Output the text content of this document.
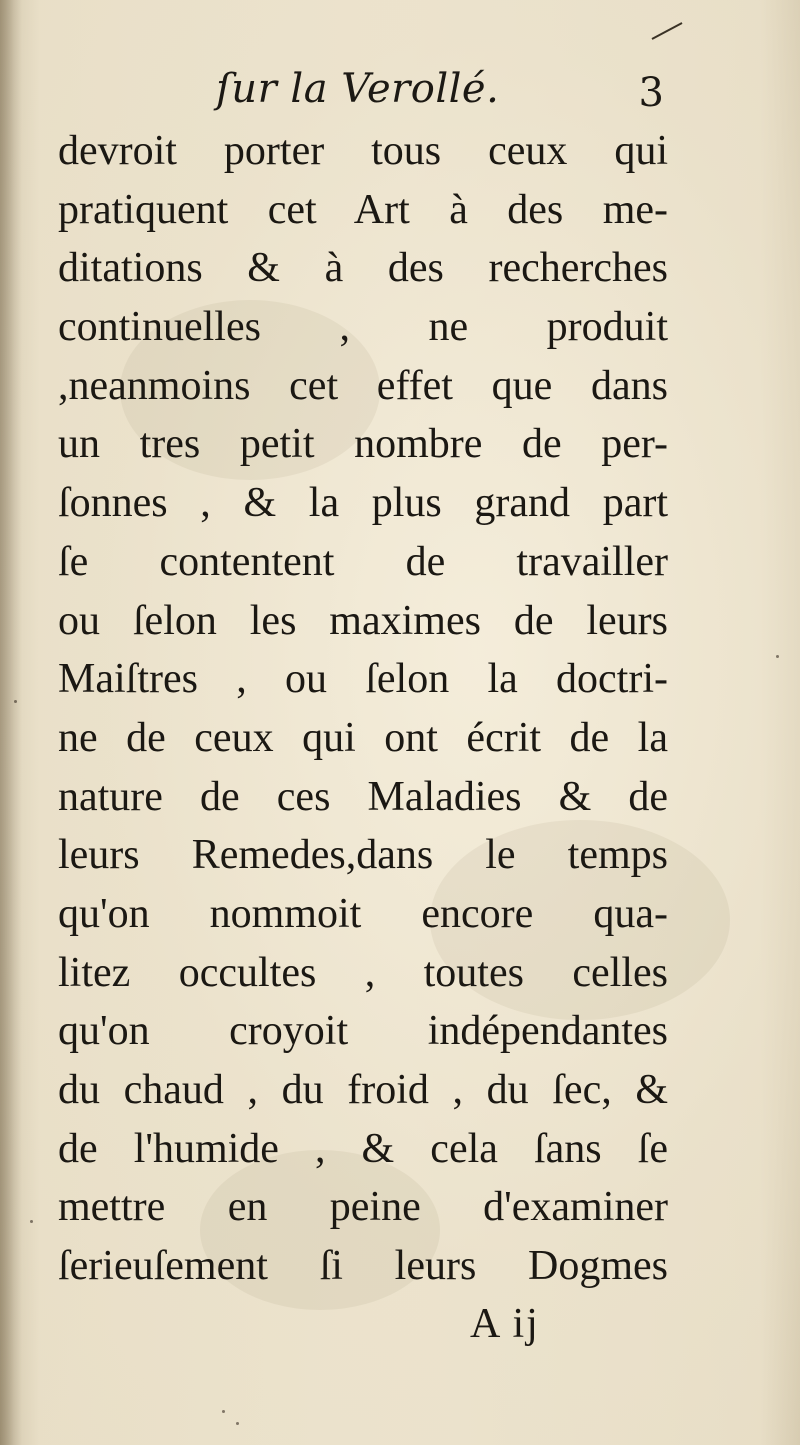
ſur la Verollé.	3
devroit porter tous ceux qui
pratiquent cet Art à des me-
ditations & à des recherches
continuelles , ne produit
,neanmoins cet effet que dans
un tres petit nombre de per-
ſonnes , & la plus grand part
ſe contentent de travailler
ou ſelon les maximes de leurs
Maiſtres , ou ſelon la doctri-
ne de ceux qui ont écrit de la
nature de ces Maladies & de
leurs Remedes,dans le temps
qu'on nommoit encore qua-
litez occultes , toutes celles
qu'on croyoit indépendantes
du chaud , du froid , du ſec, &
de l'humide , & cela ſans ſe
mettre en peine d'examiner
ſerieuſement ſi leurs Dogmes
A ij
